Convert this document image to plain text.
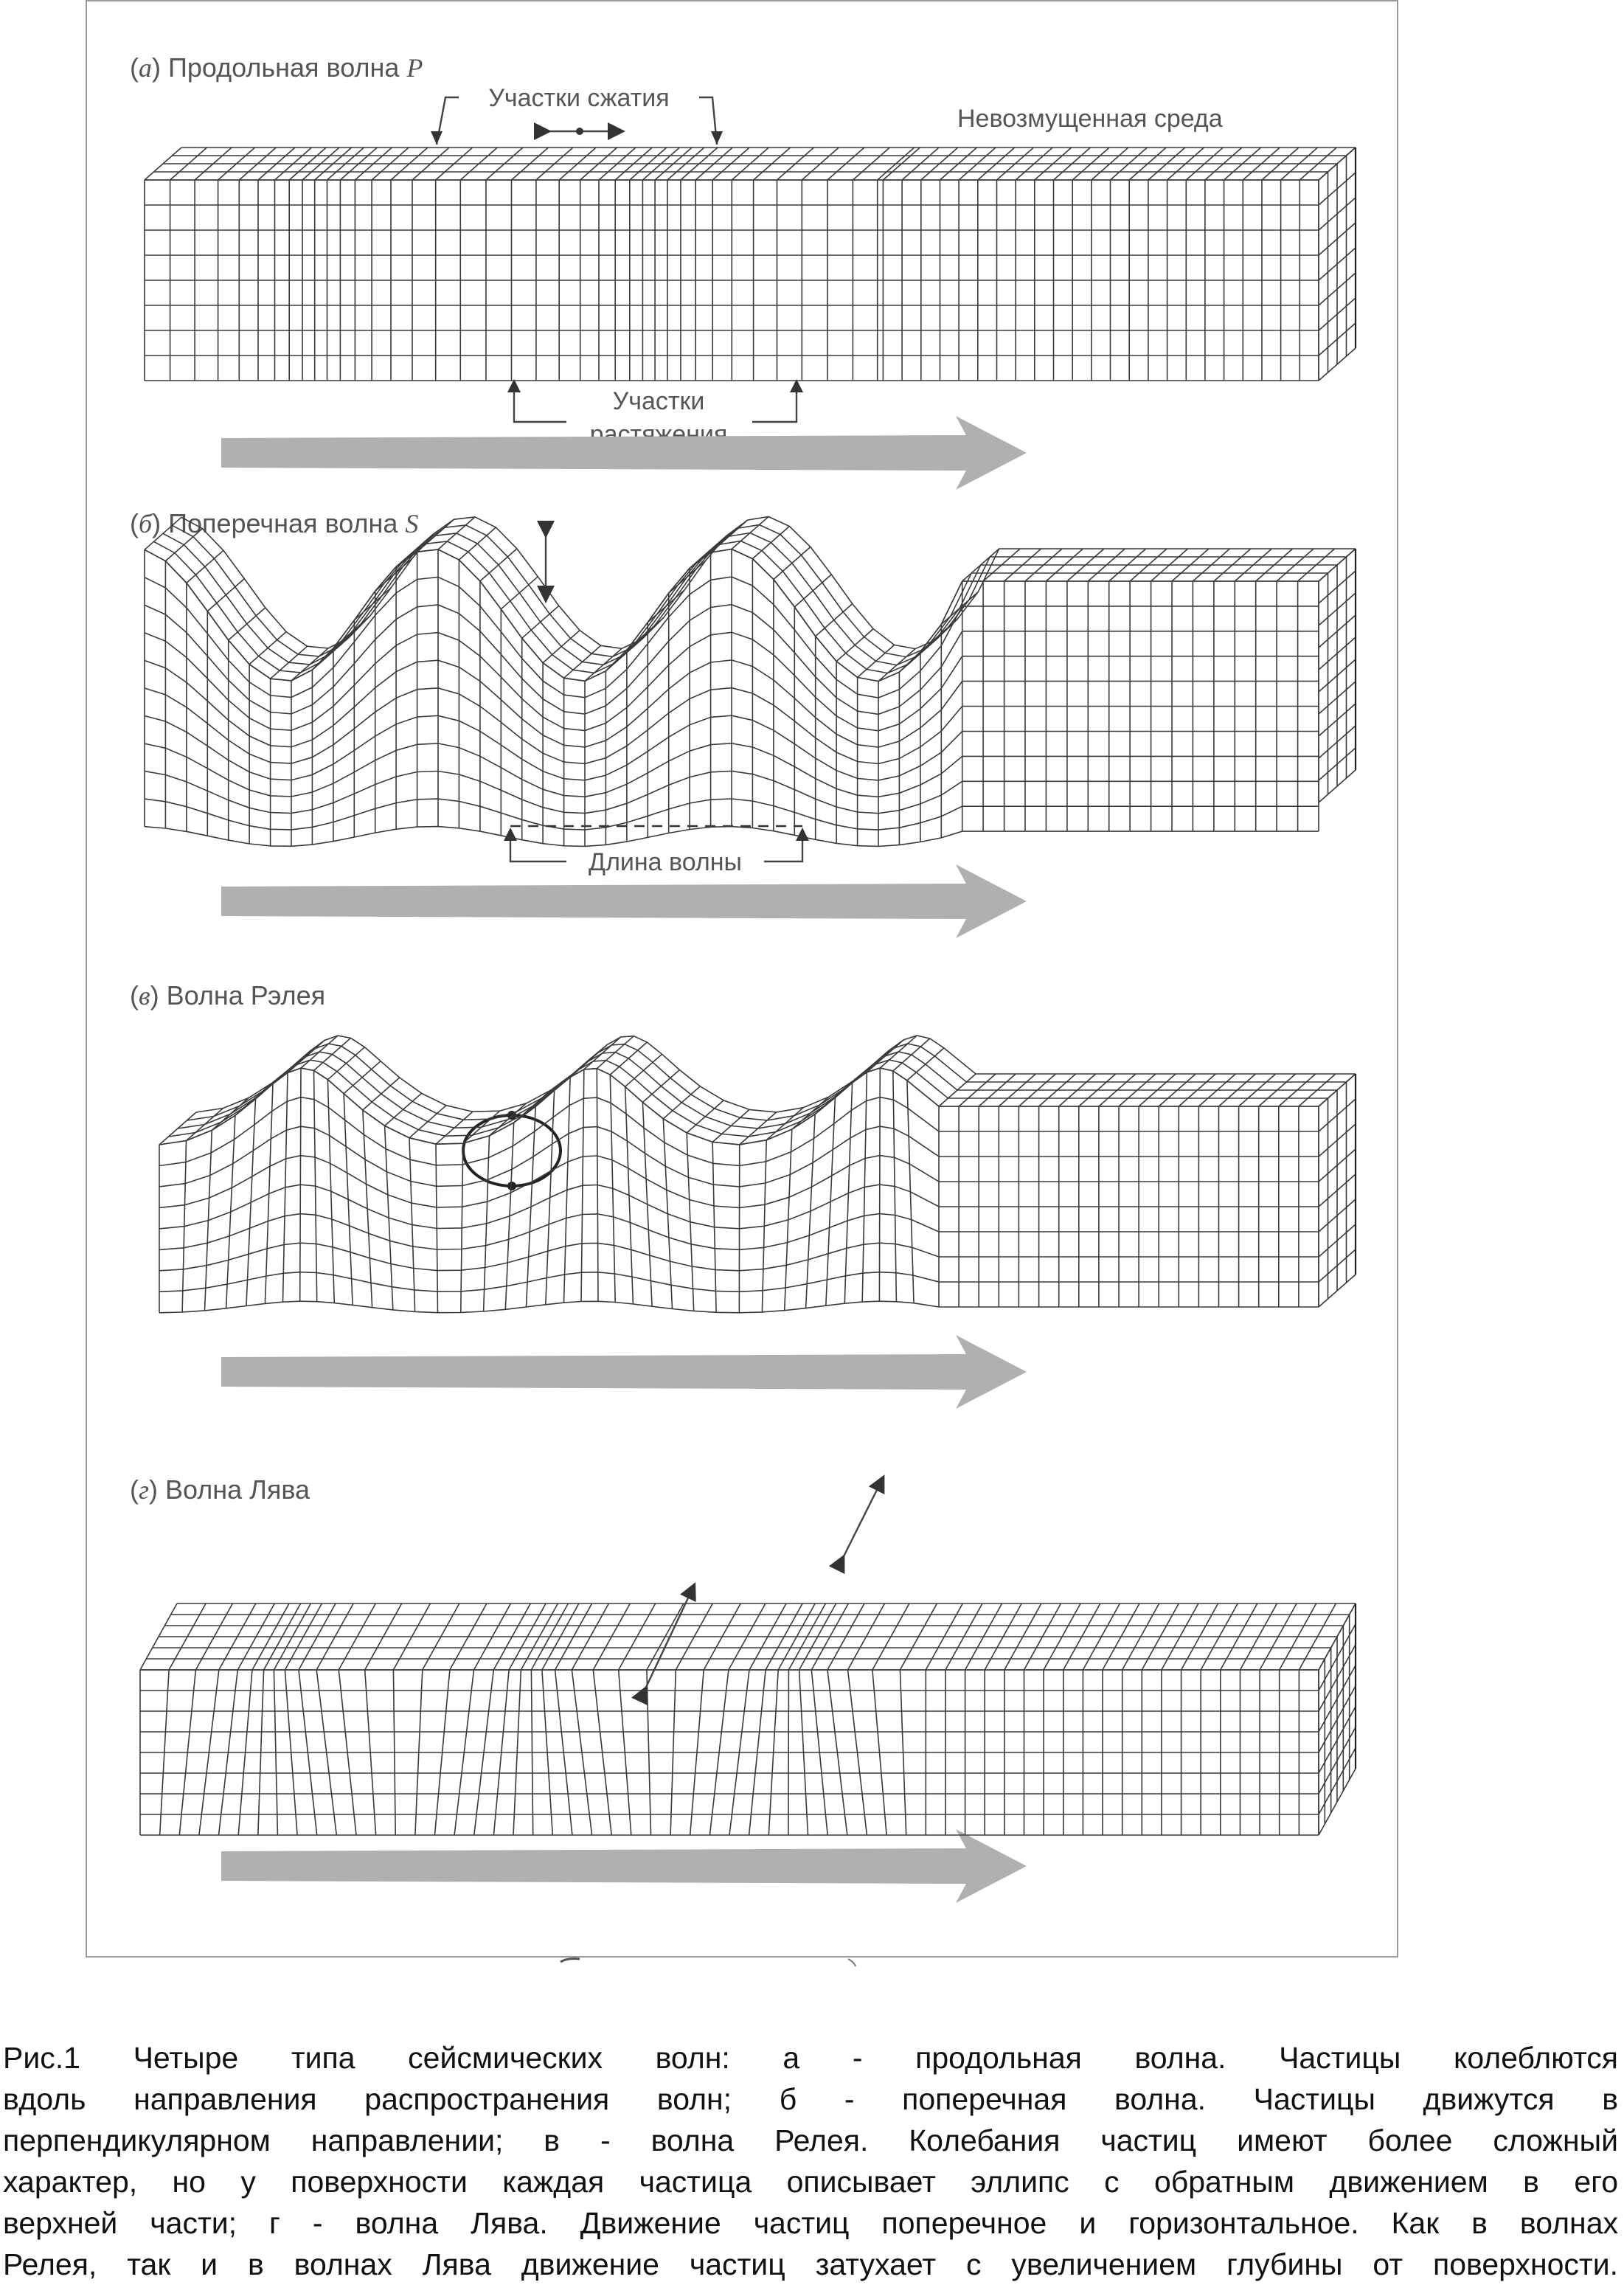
(а) Продольная волна P
(б) Поперечная волна S
(в) Волна Рэлея
(г) Волна Лява
Участки сжатия
Невозмущенная среда
Участки
растяжения
Длина волны
Рис.1 Четыре типа сейсмических волн: а - продольная волна. Частицы колеблются
вдоль направления распространения волн; б - поперечная волна. Частицы движутся в
перпендикулярном направлении; в - волна Релея. Колебания частиц имеют более сложный
характер, но у поверхности каждая частица описывает эллипс с обратным движением в его
верхней части; г - волна Лява. Движение частиц поперечное и горизонтальное. Как в волнах
Релея, так и в волнах Лява движение частиц затухает с увеличением глубины от поверхности.
